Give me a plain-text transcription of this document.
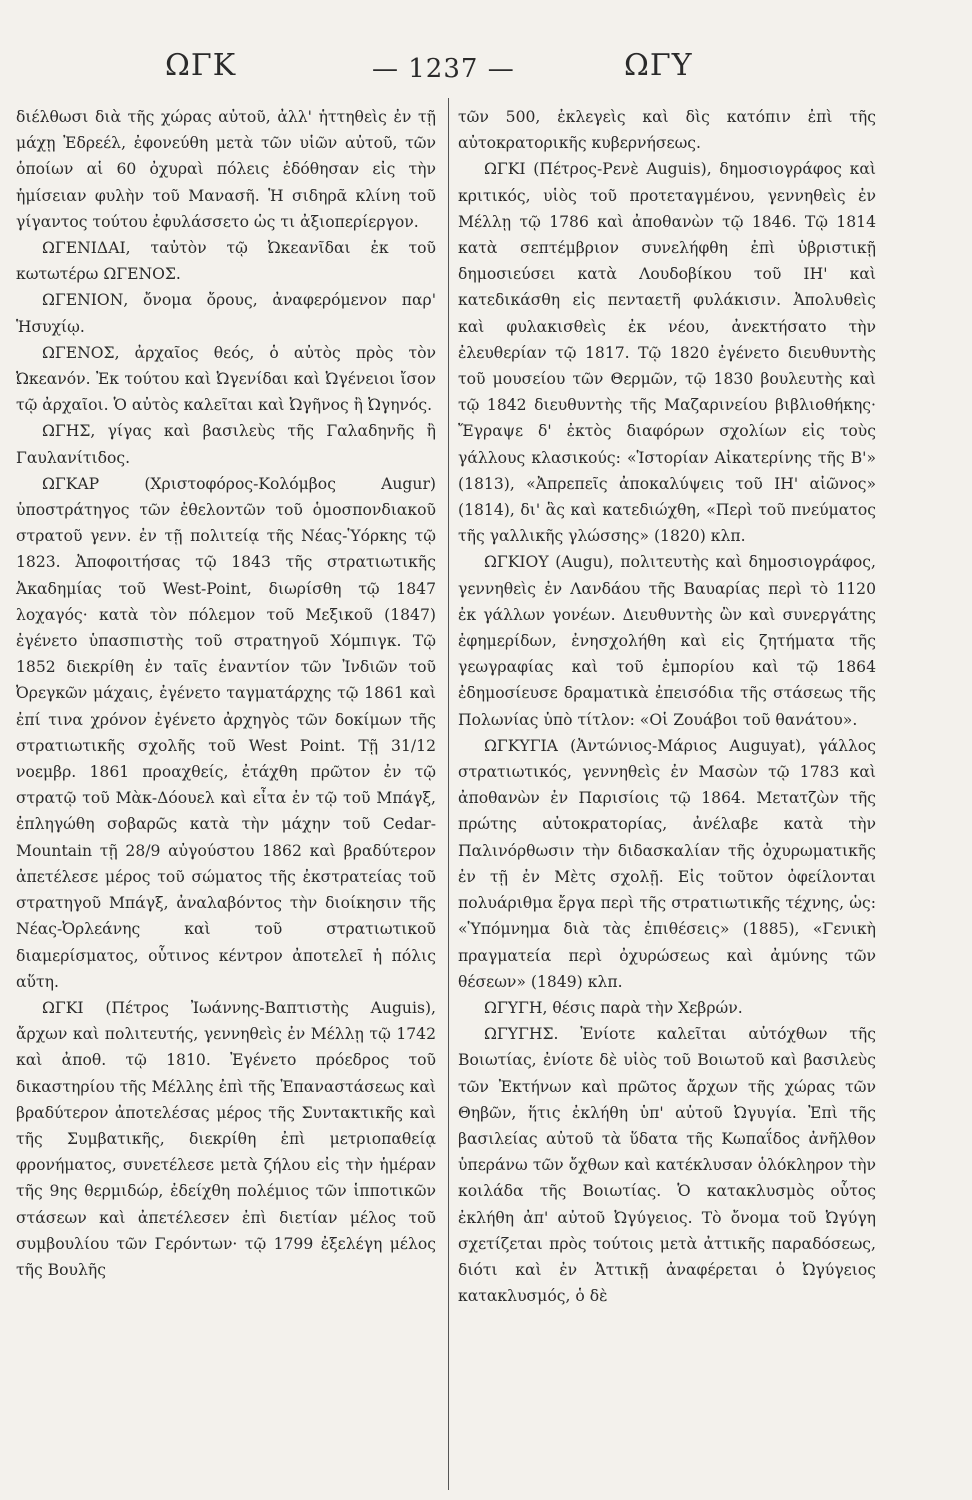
ΩΓΚ	— 1237 —	ΩΓΥ

διέλθωσι διὰ τῆς χώρας αὐτοῦ, ἀλλ' ἡττηθεὶς ἐν τῇ μάχῃ Ἐδρεέλ, ἐφονεύθη μετὰ τῶν υἱῶν αὐτοῦ, τῶν ὁποίων αἱ 60 ὀχυραὶ πόλεις ἐδόθησαν εἰς τὴν ἡμίσειαν φυλὴν τοῦ Μανασῆ. Ἡ σιδηρᾶ κλίνη τοῦ γίγαντος τούτου ἐφυλάσσετο ὡς τι ἀξιοπερίεργον.

ΩΓΕΝΙΔΑΙ, ταὐτὸν τῷ Ὠκεανῖδαι ἐκ τοῦ κωτωτέρω ΩΓΕΝΟΣ.

ΩΓΕΝΙΟΝ, ὄνομα ὄρους, ἀναφερόμενον παρ' Ἡσυχίῳ.

ΩΓΕΝΟΣ, ἀρχαῖος θεός, ὁ αὐτὸς πρὸς τὸν Ὠκεανόν. Ἐκ τούτου καὶ Ὠγενίδαι καὶ Ὠγένειοι ἴσον τῷ ἀρχαῖοι. Ὁ αὐτὸς καλεῖται καὶ Ὠγῆνος ἢ Ὠγηνός.

ΩΓΗΣ, γίγας καὶ βασιλεὺς τῆς Γαλαδηνῆς ἢ Γαυλανίτιδος.

ΩΓΚΑΡ (Χριστοφόρος-Κολόμβος Augur) ὑποστράτηγος τῶν ἐθελοντῶν τοῦ ὁμοσπονδιακοῦ στρατοῦ γενν. ἐν τῇ πολιτείᾳ τῆς Νέας-Ὑόρκης τῷ 1823. Ἀποφοιτήσας τῷ 1843 τῆς στρατιωτικῆς Ἀκαδημίας τοῦ West-Point, διωρίσθη τῷ 1847 λοχαγός· κατὰ τὸν πόλεμον τοῦ Μεξικοῦ (1847) ἐγένετο ὑπασπιστὴς τοῦ στρατηγοῦ Χόμπιγκ. Τῷ 1852 διεκρίθη ἐν ταῖς ἐναντίον τῶν Ἰνδιῶν τοῦ Ὀρεγκῶν μάχαις, ἐγένετο ταγματάρχης τῷ 1861 καὶ ἐπί τινα χρόνον ἐγένετο ἀρχηγὸς τῶν δοκίμων τῆς στρατιωτικῆς σχολῆς τοῦ West Point. Τῇ 31/12 νοεμβρ. 1861 προαχθείς, ἐτάχθη πρῶτον ἐν τῷ στρατῷ τοῦ Μὰκ-Δόουελ καὶ εἶτα ἐν τῷ τοῦ Μπάγξ, ἐπληγώθη σοβαρῶς κατὰ τὴν μάχην τοῦ Cedar-Mountain τῇ 28/9 αὐγούστου 1862 καὶ βραδύτερον ἀπετέλεσε μέρος τοῦ σώματος τῆς ἐκστρατείας τοῦ στρατηγοῦ Μπάγξ, ἀναλαβόντος τὴν διοίκησιν τῆς Νέας-Ὀρλεάνης καὶ τοῦ στρατιωτικοῦ διαμερίσματος, οὗτινος κέντρον ἀποτελεῖ ἡ πόλις αὕτη.

ΩΓΚΙ (Πέτρος Ἰωάννης-Βαπτιστὴς Auguis), ἄρχων καὶ πολιτευτής, γεννηθεὶς ἐν Μέλλῃ τῷ 1742 καὶ ἀποθ. τῷ 1810. Ἐγένετο πρόεδρος τοῦ δικαστηρίου τῆς Μέλλης ἐπὶ τῆς Ἐπαναστάσεως καὶ βραδύτερον ἀποτελέσας μέρος τῆς Συντακτικῆς καὶ τῆς Συμβατικῆς, διεκρίθη ἐπὶ μετριοπαθείᾳ φρονήματος, συνετέλεσε μετὰ ζήλου εἰς τὴν ἡμέραν τῆς 9ης θερμιδώρ, ἐδείχθη πολέμιος τῶν ἱπποτικῶν στάσεων καὶ ἀπετέλεσεν ἐπὶ διετίαν μέλος τοῦ συμβουλίου τῶν Γερόντων· τῷ 1799 ἐξελέγη μέλος τῆς Βουλῆς

τῶν 500, ἐκλεγεὶς καὶ δὶς κατόπιν ἐπὶ τῆς αὐτοκρατορικῆς κυβερνήσεως.

ΩΓΚΙ (Πέτρος-Ρενὲ Auguis), δημοσιογράφος καὶ κριτικός, υἱὸς τοῦ προτεταγμένου, γεννηθεὶς ἐν Μέλλῃ τῷ 1786 καὶ ἀποθανὼν τῷ 1846. Τῷ 1814 κατὰ σεπτέμβριον συνελήφθη ἐπὶ ὑβριστικῇ δημοσιεύσει κατὰ Λουδοβίκου τοῦ ΙΗ' καὶ κατεδικάσθη εἰς πενταετῆ φυλάκισιν. Ἀπολυθεὶς καὶ φυλακισθεὶς ἐκ νέου, ἀνεκτήσατο τὴν ἐλευθερίαν τῷ 1817. Τῷ 1820 ἐγένετο διευθυντὴς τοῦ μουσείου τῶν Θερμῶν, τῷ 1830 βουλευτὴς καὶ τῷ 1842 διευθυντὴς τῆς Μαζαρινείου βιβλιοθήκης· Ἔγραψε δ' ἐκτὸς διαφόρων σχολίων εἰς τοὺς γάλλους κλασικούς: «Ἱστορίαν Αἰκατερίνης τῆς Β'» (1813), «Ἀπρεπεῖς ἀποκαλύψεις τοῦ ΙΗ' αἰῶνος» (1814), δι' ἃς καὶ κατεδιώχθη, «Περὶ τοῦ πνεύματος τῆς γαλλικῆς γλώσσης» (1820) κλπ.

ΩΓΚΙΟΥ (Augu), πολιτευτὴς καὶ δημοσιογράφος, γεννηθεὶς ἐν Λανδάου τῆς Βαυαρίας περὶ τὸ 1120 ἐκ γάλλων γονέων. Διευθυντὴς ὢν καὶ συνεργάτης ἐφημερίδων, ἐνησχολήθη καὶ εἰς ζητήματα τῆς γεωγραφίας καὶ τοῦ ἐμπορίου καὶ τῷ 1864 ἐδημοσίευσε δραματικὰ ἐπεισόδια τῆς στάσεως τῆς Πολωνίας ὑπὸ τίτλον: «Οἱ Ζουάβοι τοῦ θανάτου».

ΩΓΚΥΓΙΑ (Ἀντώνιος-Μάριος Auguyat), γάλλος στρατιωτικός, γεννηθεὶς ἐν Μασὼν τῷ 1783 καὶ ἀποθανὼν ἐν Παρισίοις τῷ 1864. Μετατζὼν τῆς πρώτης αὐτοκρατορίας, ἀνέλαβε κατὰ τὴν Παλινόρθωσιν τὴν διδασκαλίαν τῆς ὀχυρωματικῆς ἐν τῇ ἐν Μὲτς σχολῇ. Εἰς τοῦτον ὀφείλονται πολυάριθμα ἔργα περὶ τῆς στρατιωτικῆς τέχνης, ὡς: «Ὑπόμνημα διὰ τὰς ἐπιθέσεις» (1885), «Γενικὴ πραγματεία περὶ ὀχυρώσεως καὶ ἀμύνης τῶν θέσεων» (1849) κλπ.

ΩΓΥΓΗ, θέσις παρὰ τὴν Χεβρών.

ΩΓΥΓΗΣ. Ἐνίοτε καλεῖται αὐτόχθων τῆς Βοιωτίας, ἐνίοτε δὲ υἱὸς τοῦ Βοιωτοῦ καὶ βασιλεὺς τῶν Ἐκτήνων καὶ πρῶτος ἄρχων τῆς χώρας τῶν Θηβῶν, ἥτις ἐκλήθη ὑπ' αὐτοῦ Ὠγυγία. Ἐπὶ τῆς βασιλείας αὐτοῦ τὰ ὕδατα τῆς Κωπαΐδος ἀνῆλθον ὑπεράνω τῶν ὄχθων καὶ κατέκλυσαν ὁλόκληρον τὴν κοιλάδα τῆς Βοιωτίας. Ὁ κατακλυσμὸς οὗτος ἐκλήθη ἀπ' αὐτοῦ Ὠγύγειος. Τὸ ὄνομα τοῦ Ὠγύγη σχετίζεται πρὸς τούτοις μετὰ ἀττικῆς παραδόσεως, διότι καὶ ἐν Ἀττικῇ ἀναφέρεται ὁ Ὠγύγειος κατακλυσμός, ὁ δὲ
